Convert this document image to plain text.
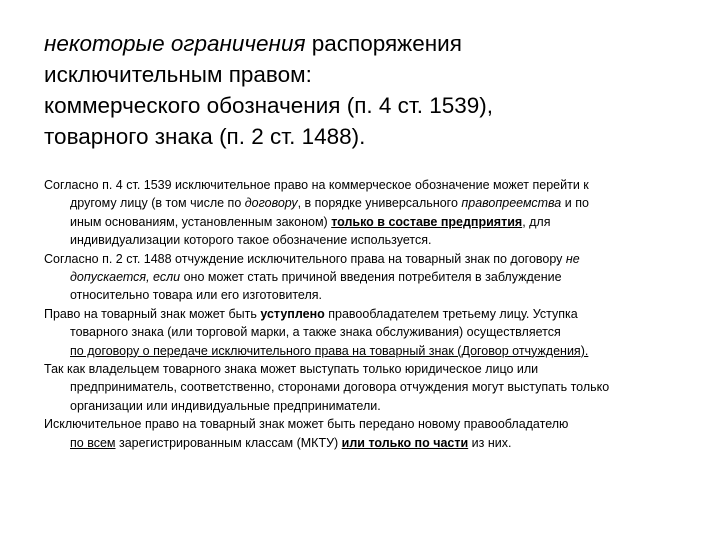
некоторые ограничения распоряжения
исключительным правом:
коммерческого обозначения (п. 4 ст. 1539),
товарного знака (п. 2 ст. 1488).

Согласно п. 4 ст. 1539 исключительное право на коммерческое обозначение может перейти к
другому лицу (в том числе по договору, в порядке универсального правопреемства и по
иным основаниям, установленным законом) только в составе предприятия, для
индивидуализации которого такое обозначение используется.

Согласно п. 2 ст. 1488 отчуждение исключительного права на товарный знак по договору не
допускается, если оно может стать причиной введения потребителя в заблуждение
относительно товара или его изготовителя.

Право на товарный знак может быть уступлено правообладателем третьему лицу. Уступка
товарного знака (или торговой марки, а также знака обслуживания) осуществляется
по договору о передаче исключительного права на товарный знак (Договор отчуждения).

Так как владельцем товарного знака может выступать только юридическое лицо или
предприниматель, соответственно, сторонами договора отчуждения могут выступать только
организации или индивидуальные предприниматели.

Исключительное право на товарный знак может быть передано новому правообладателю
по всем зарегистрированным классам (МКТУ) или только по части из них.
